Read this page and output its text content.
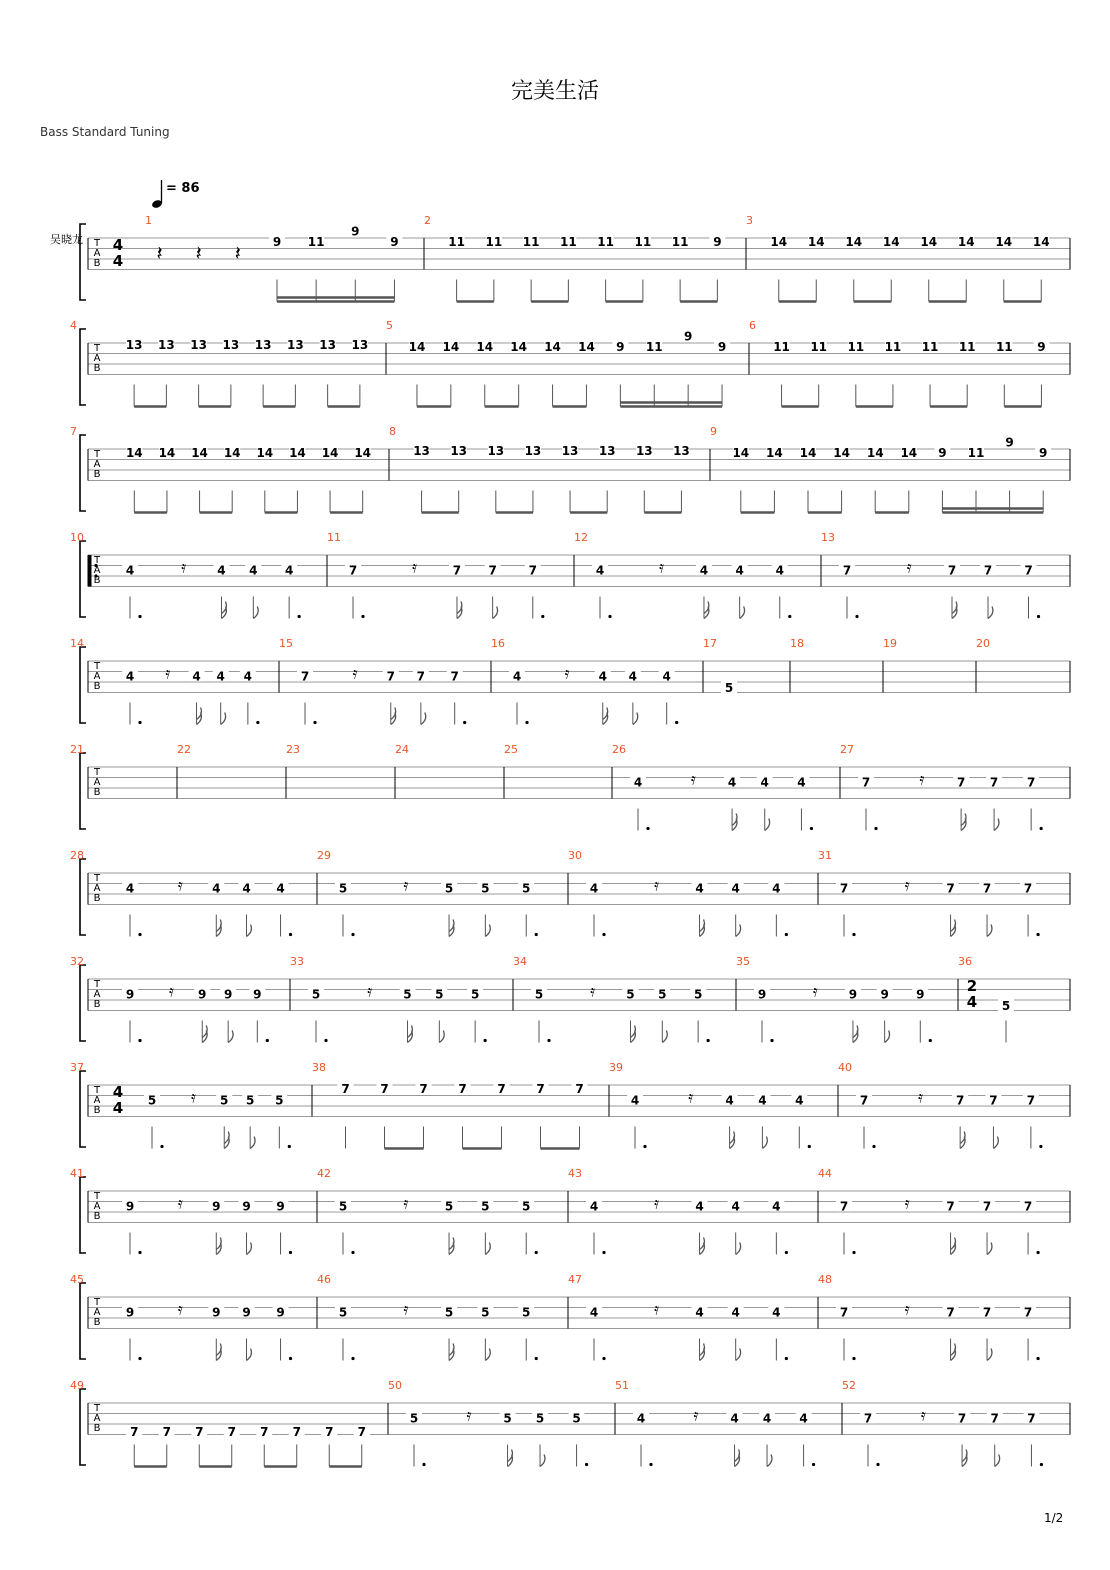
完美生活
Bass Standard Tuning
= 86
吴晓龙 T
A
B
1
4
4 𝄽 𝄽 𝄽	9 11
9
9
2
11 11 11 11 11 11 11 9
3
14 14 14 14 14 14 14 14
T
A
B
4
13 13 13 13 13 13 13 13
5
14 14 14 14 14 14 9 11
9
9
6
11 11 11 11 11 11 11 9
T
A
B
7
14 14 14 14 14 14 14 14
8
13 13 13 13 13 13 13 13
9
14 14 14 14 14 14 9 11
9
9
T
A
B
10
4	𝄿	4 4 4
11
7	𝄿	7 7	7
12
4	𝄿	4 4	4
13
7	𝄿	7 7	7
T
A
B
14
4 𝄿 4 4 4
15
7	𝄿 7 7 7
16
4	𝄿 4 4 4
17
5
18	19	20
T
A
B
21	22	23	24	25	26
4	𝄿	4 4 4
27
7	𝄿	7 7 7
T
A
B
28
4	𝄿 4 4 4
29
5	𝄿	5 5	5
30
4	𝄿	4 4	4
31
7	𝄿	7 7	7
T
A
B
32
9 𝄿 9 9 9
33
5	𝄿	5 5 5
34
5	𝄿	5 5 5
35
9	𝄿	9 9 9
36
2
4 5
T
A
B
37
4
4 5 𝄿 5 5 5
38
7	7	7	7	7	7	7
39
4	𝄿	4 4 4
40
7	𝄿	7 7 7
T
A
B
41
9	𝄿 9 9 9
42
5	𝄿	5 5	5
43
4	𝄿	4 4	4
44
7	𝄿	7 7	7
T
A
B
45
9	𝄿 9 9 9
46
5	𝄿	5 5	5
47
4	𝄿	4 4	4
48
7	𝄿	7 7	7
T
A
B
49
7 7 7 7 7 7 7 7
50
5	𝄿	5 5 5
51
4	𝄿	4 4 4
52
7	𝄿	7 7 7
1/2
